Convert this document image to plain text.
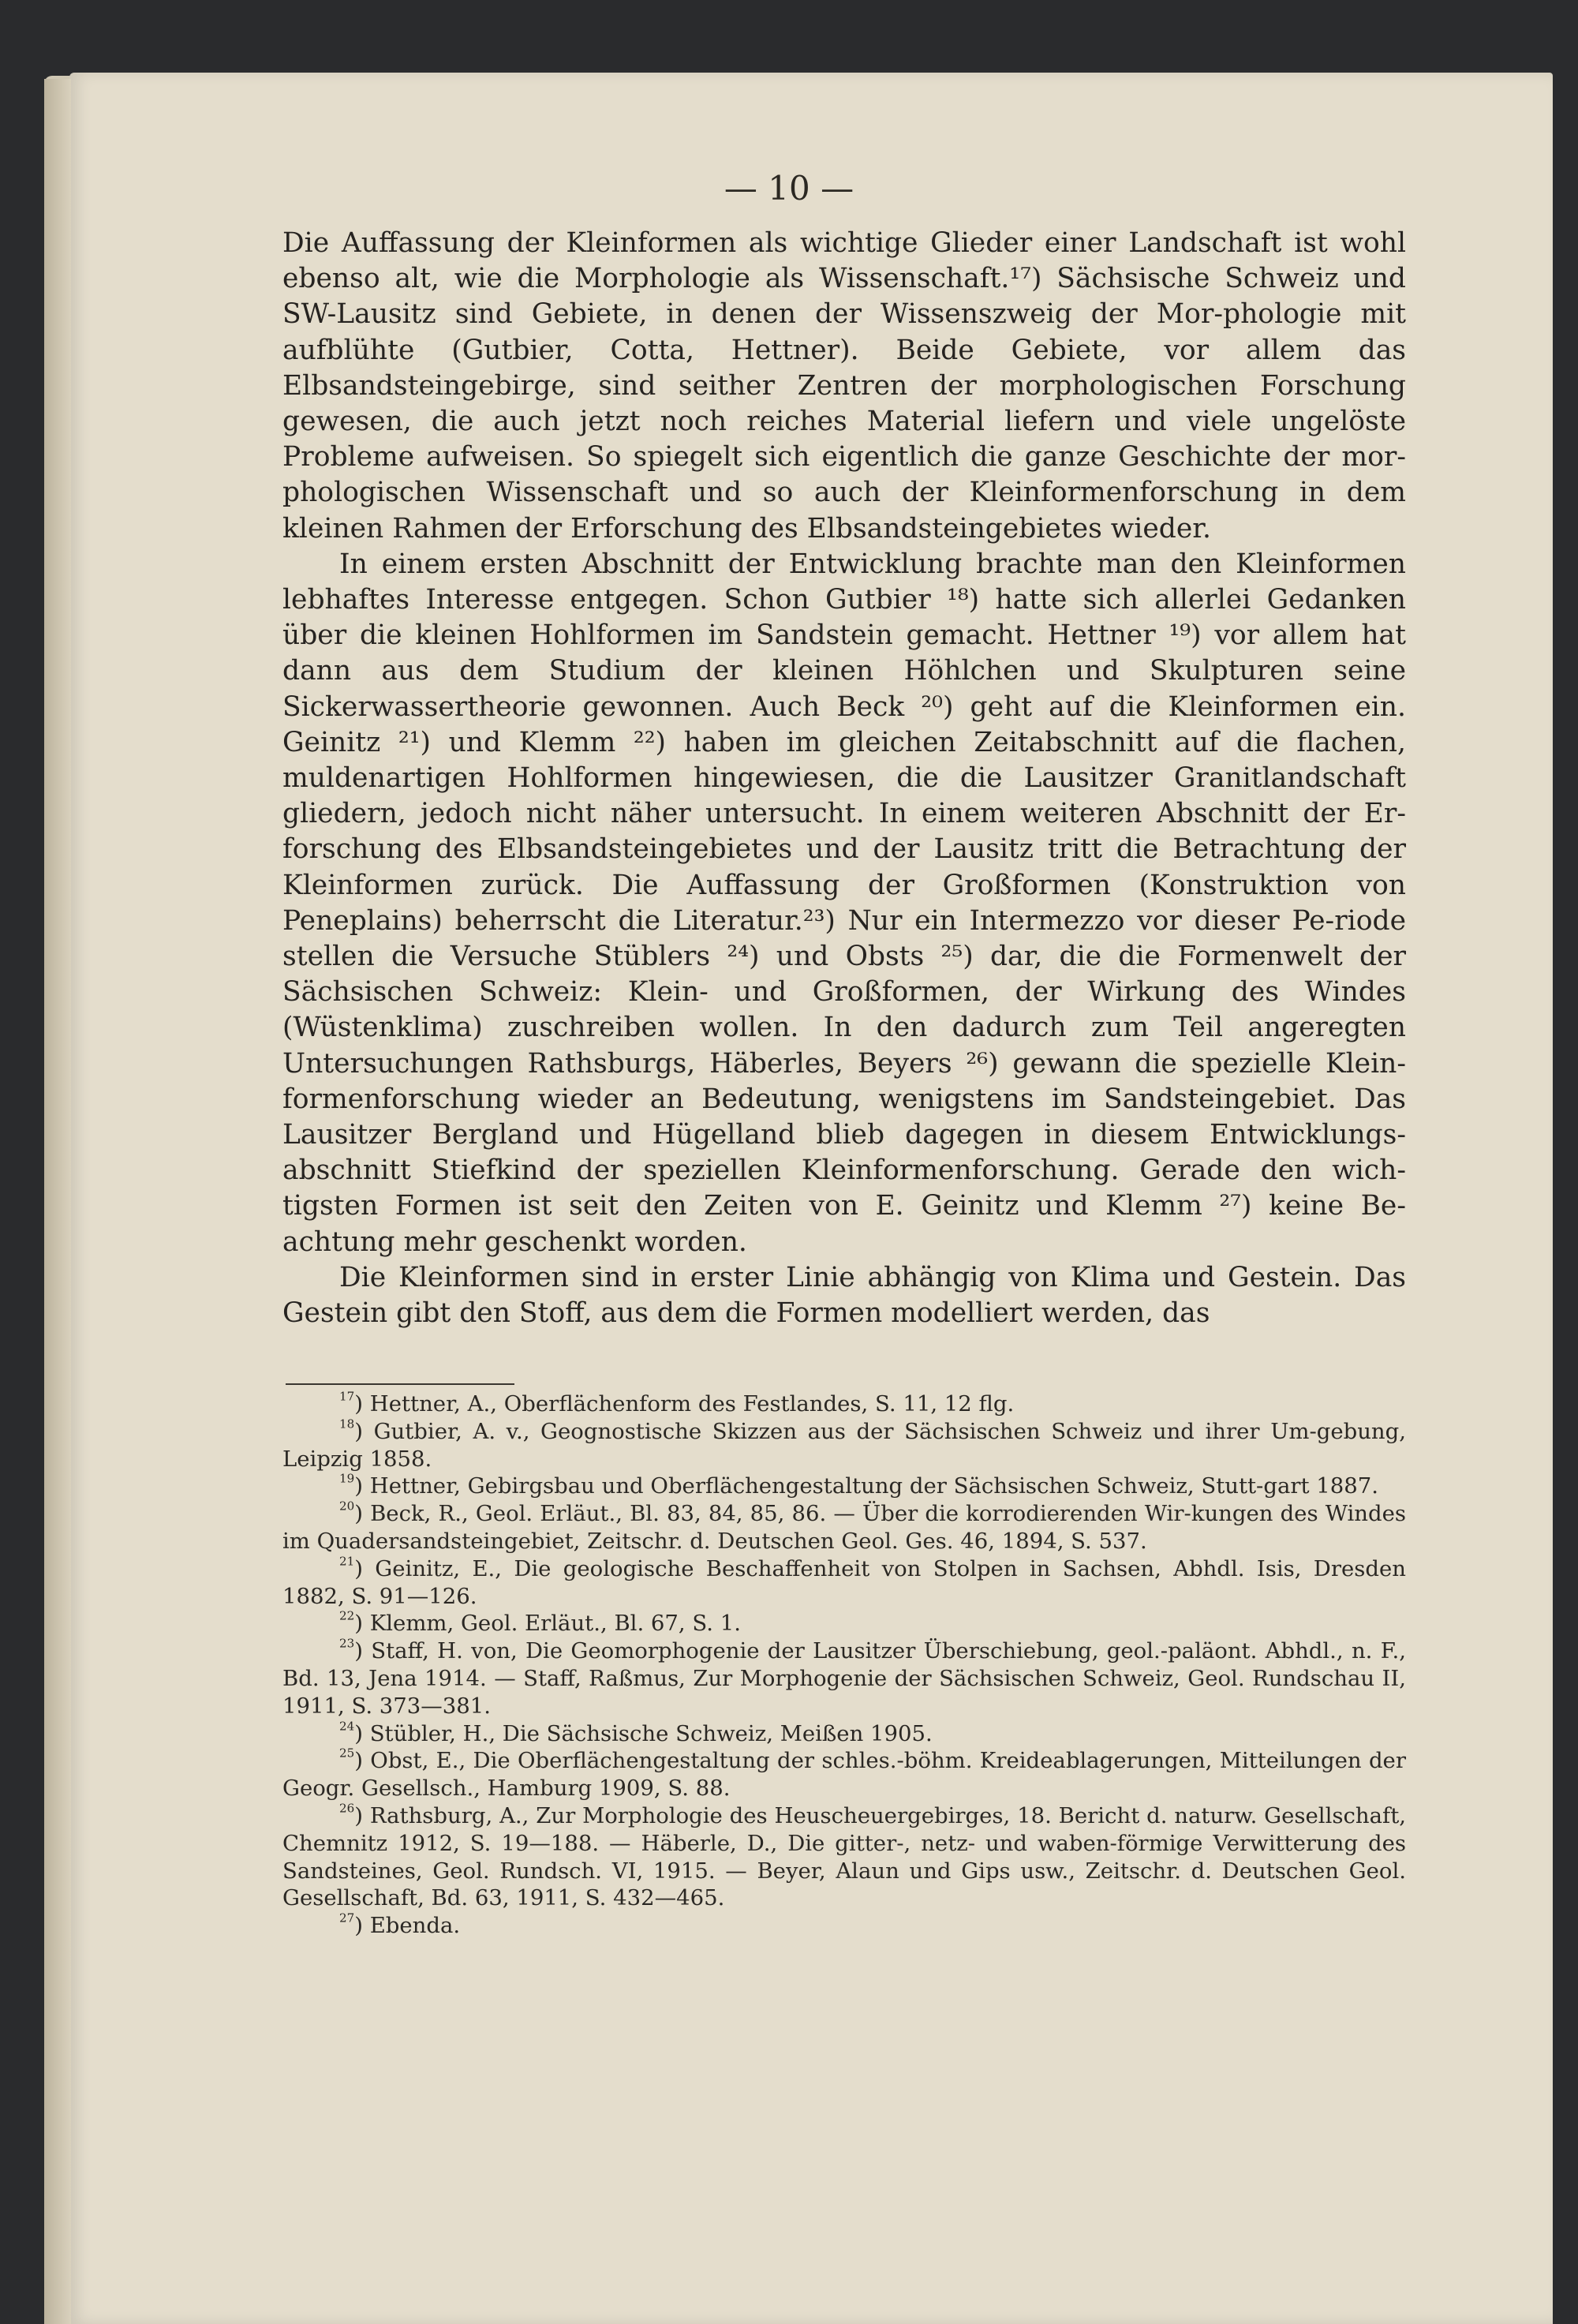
— 10 —

Die Auffassung der Kleinformen als wichtige Glieder einer Landschaft ist wohl ebenso alt, wie die Morphologie als Wissenschaft.¹⁷) Sächsische Schweiz und SW-Lausitz sind Gebiete, in denen der Wissenszweig der Mor-phologie mit aufblühte (Gutbier, Cotta, Hettner). Beide Gebiete, vor allem das Elbsandsteingebirge, sind seither Zentren der morphologischen Forschung gewesen, die auch jetzt noch reiches Material liefern und viele ungelöste Probleme aufweisen. So spiegelt sich eigentlich die ganze Geschichte der mor-phologischen Wissenschaft und so auch der Kleinformenforschung in dem kleinen Rahmen der Erforschung des Elbsandsteingebietes wieder.

In einem ersten Abschnitt der Entwicklung brachte man den Kleinformen lebhaftes Interesse entgegen. Schon Gutbier ¹⁸) hatte sich allerlei Gedanken über die kleinen Hohlformen im Sandstein gemacht. Hettner ¹⁹) vor allem hat dann aus dem Studium der kleinen Höhlchen und Skulpturen seine Sickerwassertheorie gewonnen. Auch Beck ²⁰) geht auf die Kleinformen ein. Geinitz ²¹) und Klemm ²²) haben im gleichen Zeitabschnitt auf die flachen, muldenartigen Hohlformen hingewiesen, die die Lausitzer Granitlandschaft gliedern, jedoch nicht näher untersucht. In einem weiteren Abschnitt der Er-forschung des Elbsandsteingebietes und der Lausitz tritt die Betrachtung der Kleinformen zurück. Die Auffassung der Großformen (Konstruktion von Peneplains) beherrscht die Literatur.²³) Nur ein Intermezzo vor dieser Pe-riode stellen die Versuche Stüblers ²⁴) und Obsts ²⁵) dar, die die Formenwelt der Sächsischen Schweiz: Klein- und Großformen, der Wirkung des Windes (Wüstenklima) zuschreiben wollen. In den dadurch zum Teil angeregten Untersuchungen Rathsburgs, Häberles, Beyers ²⁶) gewann die spezielle Klein-formenforschung wieder an Bedeutung, wenigstens im Sandsteingebiet. Das Lausitzer Bergland und Hügelland blieb dagegen in diesem Entwicklungs-abschnitt Stiefkind der speziellen Kleinformenforschung. Gerade den wich-tigsten Formen ist seit den Zeiten von E. Geinitz und Klemm ²⁷) keine Be-achtung mehr geschenkt worden.

Die Kleinformen sind in erster Linie abhängig von Klima und Gestein. Das Gestein gibt den Stoff, aus dem die Formen modelliert werden, das

$^{17}$) Hettner, A., Oberflächenform des Festlandes, S. 11, 12 flg.

$^{18}$) Gutbier, A. v., Geognostische Skizzen aus der Sächsischen Schweiz und ihrer Um-gebung, Leipzig 1858.

$^{19}$) Hettner, Gebirgsbau und Oberflächengestaltung der Sächsischen Schweiz, Stutt-gart 1887.

$^{20}$) Beck, R., Geol. Erläut., Bl. 83, 84, 85, 86. — Über die korrodierenden Wir-kungen des Windes im Quadersandsteingebiet, Zeitschr. d. Deutschen Geol. Ges. 46, 1894, S. 537.

$^{21}$) Geinitz, E., Die geologische Beschaffenheit von Stolpen in Sachsen, Abhdl. Isis, Dresden 1882, S. 91—126.

$^{22}$) Klemm, Geol. Erläut., Bl. 67, S. 1.

$^{23}$) Staff, H. von, Die Geomorphogenie der Lausitzer Überschiebung, geol.-paläont. Abhdl., n. F., Bd. 13, Jena 1914. — Staff, Raßmus, Zur Morphogenie der Sächsischen Schweiz, Geol. Rundschau II, 1911, S. 373—381.

$^{24}$) Stübler, H., Die Sächsische Schweiz, Meißen 1905.

$^{25}$) Obst, E., Die Oberflächengestaltung der schles.-böhm. Kreideablagerungen, Mitteilungen der Geogr. Gesellsch., Hamburg 1909, S. 88.

$^{26}$) Rathsburg, A., Zur Morphologie des Heuscheuergebirges, 18. Bericht d. naturw. Gesellschaft, Chemnitz 1912, S. 19—188. — Häberle, D., Die gitter-, netz- und waben-förmige Verwitterung des Sandsteines, Geol. Rundsch. VI, 1915. — Beyer, Alaun und Gips usw., Zeitschr. d. Deutschen Geol. Gesellschaft, Bd. 63, 1911, S. 432—465.

$^{27}$) Ebenda.
